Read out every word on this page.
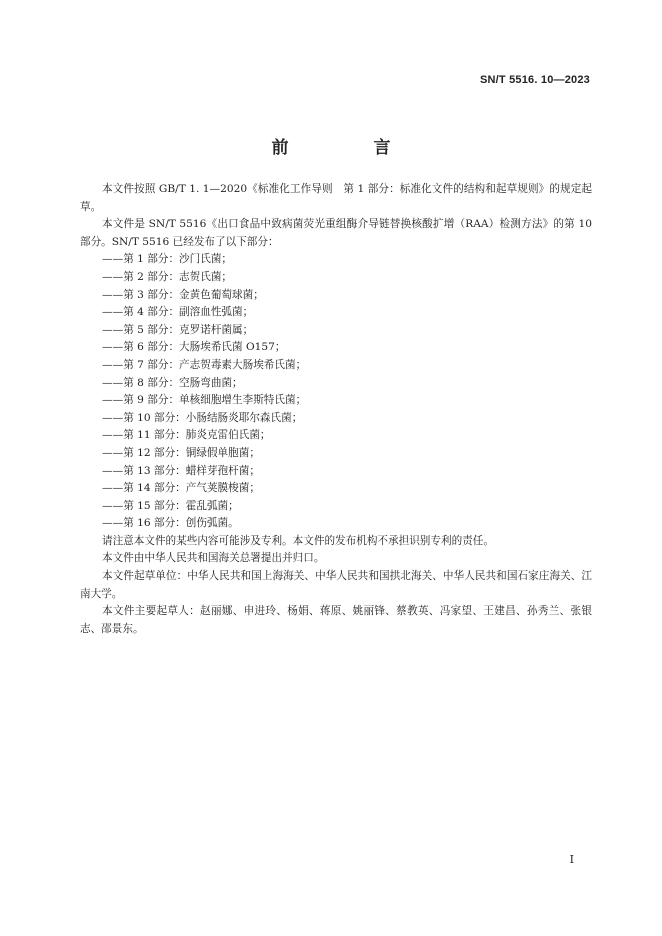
SN/T 5516. 10—2023
前　言

本文件按照 GB/T 1. 1—2020《标准化工作导则　第 1 部分：标准化文件的结构和起草规则》的规定起草。

本文件是 SN/T 5516《出口食品中致病菌荧光重组酶介导链替换核酸扩增（RAA）检测方法》的第 10 部分。SN/T 5516 已经发布了以下部分：

——第 1 部分：沙门氏菌；

——第 2 部分：志贺氏菌；

——第 3 部分：金黄色葡萄球菌；

——第 4 部分：副溶血性弧菌；

——第 5 部分：克罗诺杆菌属；

——第 6 部分：大肠埃希氏菌 O157；

——第 7 部分：产志贺毒素大肠埃希氏菌；

——第 8 部分：空肠弯曲菌；

——第 9 部分：单核细胞增生李斯特氏菌；

——第 10 部分：小肠结肠炎耶尔森氏菌；

——第 11 部分：肺炎克雷伯氏菌；

——第 12 部分：铜绿假单胞菌；

——第 13 部分：蜡样芽孢杆菌；

——第 14 部分：产气荚膜梭菌；

——第 15 部分：霍乱弧菌；

——第 16 部分：创伤弧菌。

请注意本文件的某些内容可能涉及专利。本文件的发布机构不承担识别专利的责任。

本文件由中华人民共和国海关总署提出并归口。

本文件起草单位：中华人民共和国上海海关、中华人民共和国拱北海关、中华人民共和国石家庄海关、江南大学。

本文件主要起草人：赵丽娜、申进玲、杨娟、蒋原、姚丽锋、蔡教英、冯家望、王建昌、孙秀兰、张银志、邵景东。

I
